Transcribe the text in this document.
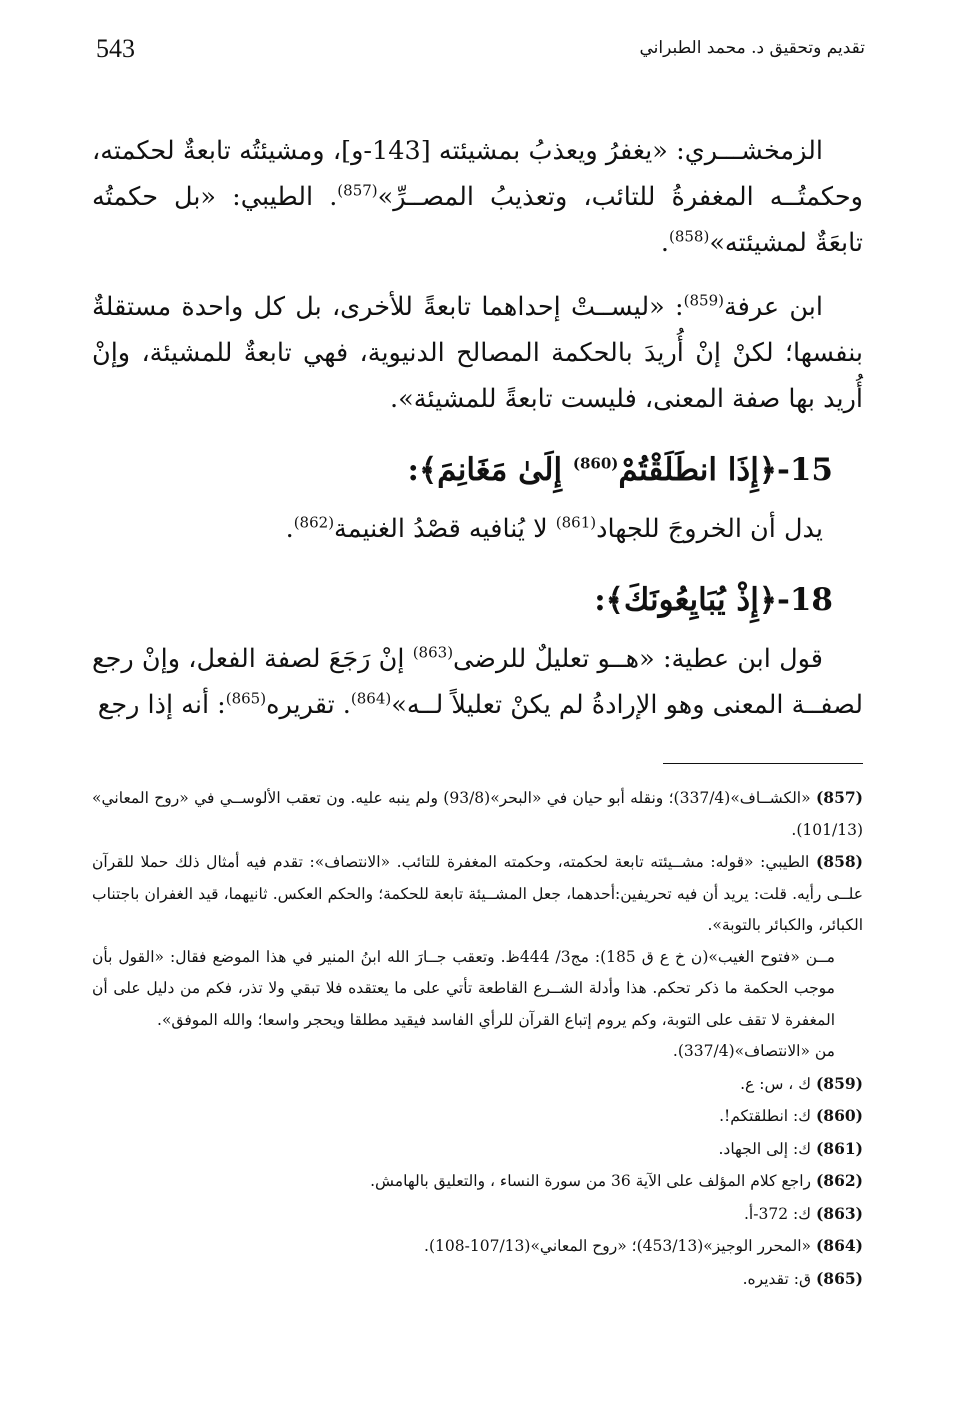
543	تقديم وتحقيق د. محمد الطبراني

الزمخشـــري: «يغفرُ ويعذبُ بمشيئته [143-و]، ومشيئتُه تابعةٌ لحكمته، وحكمتُــه المغفرةُ للتائب، وتعذيبُ المصــرِّ»$^{(857)}$. الطيبي: «بل حكمتُه تابعَةٌ لمشيئته»$^{(858)}$.

ابن عرفة$^{(859)}$: «ليســتْ إحداهما تابعةً للأخرى، بل كل واحدة مستقلةٌ بنفسها؛ لكنْ إنْ أُريدَ بالحكمة المصالح الدنيوية، فهي تابعةٌ للمشيئة، وإنْ أُريد بها صفة المعنى، فليست تابعةً للمشيئة».

15-﴿إِذَا انطَلَقْتُمْ$^{(860)}$ إِلَىٰ مَغَانِمَ﴾:

يدل أن الخروجَ للجهاد$^{(861)}$ لا يُنافيه قصْدُ الغنيمة$^{(862)}$.

18-﴿إِذْ يُبَايِعُونَكَ﴾:

قول ابن عطية: «هــو تعليلٌ للرضى$^{(863)}$ إنْ رَجَعَ لصفة الفعل، وإنْ رجع لصفــة المعنى وهو الإرادةُ لم يكنْ تعليلاً لــه»$^{(864)}$. تقريره$^{(865)}$: أنه إذا رجع

(857) «الكشــاف»(337/4)؛ ونقله أبو حيان في «البحر»(93/8) ولم ينبه عليه. ون تعقب الألوســي في «روح المعاني» (101/13).

(858) الطيبي: «قوله: مشــيئته تابعة لحكمته، وحكمته المغفرة للتائب. «الانتصاف»: تقدم فيه أمثال ذلك حملا للقرآن علــى رأيه. قلت: يريد أن فيه تحريفين:أحدهما، جعل المشــيئة تابعة للحكمة؛ والحكم العكس. ثانيهما، قيد الغفران باجتناب الكبائر، والكبائر بالتوبة».

مــن «فتوح الغيب»(ن خ ع ق 185): مج3/ 444ظ. وتعقب جــارَ الله ابنُ المنير في هذا الموضع فقال: «القول بأن موجب الحكمة ما ذكر تحكم. هذا وأدلة الشــرع القاطعة تأتي على ما يعتقده فلا تبقي ولا تذر، فكم من دليل على أن المغفرة لا تقف على التوبة، وكم يروم إتباع القرآن للرأي الفاسد فيقيد مطلقا ويحجر واسعا؛ والله الموفق».

من «الانتصاف»(337/4).

(859) ك ، س: ع.

(860) ك: انطلقتكم!.

(861) ك: إلى الجهاد.

(862) راجع كلام المؤلف على الآية 36 من سورة النساء ، والتعليق بالهامش.

(863) ك: 372-أ.

(864) «المحرر الوجيز»(453/13)؛ «روح المعاني»(107/13-108).

(865) ق: تقديره.
